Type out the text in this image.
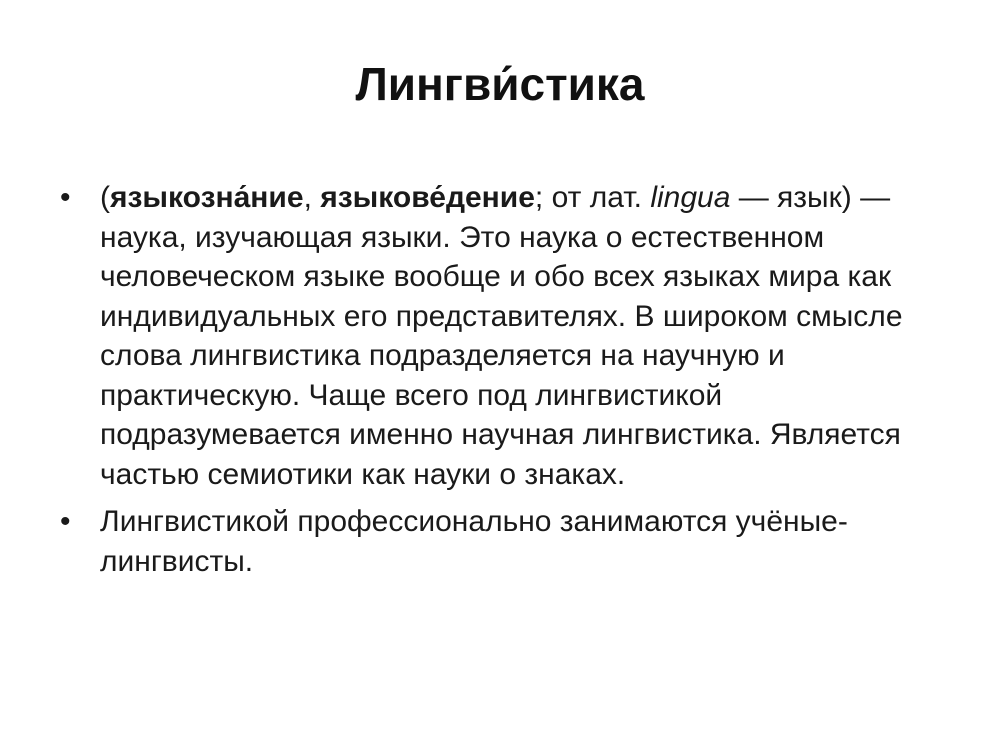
Лингви́стика
• (языкозна́ние, языкове́дение; от лат. lingua — язык) — наука, изучающая языки. Это наука о естественном человеческом языке вообще и обо всех языках мира как индивидуальных его представителях. В широком смысле слова лингвистика подразделяется на научную и практическую. Чаще всего под лингвистикой подразумевается именно научная лингвистика. Является частью семиотики как науки о знаках.
• Лингвистикой профессионально занимаются учёные-лингвисты.
